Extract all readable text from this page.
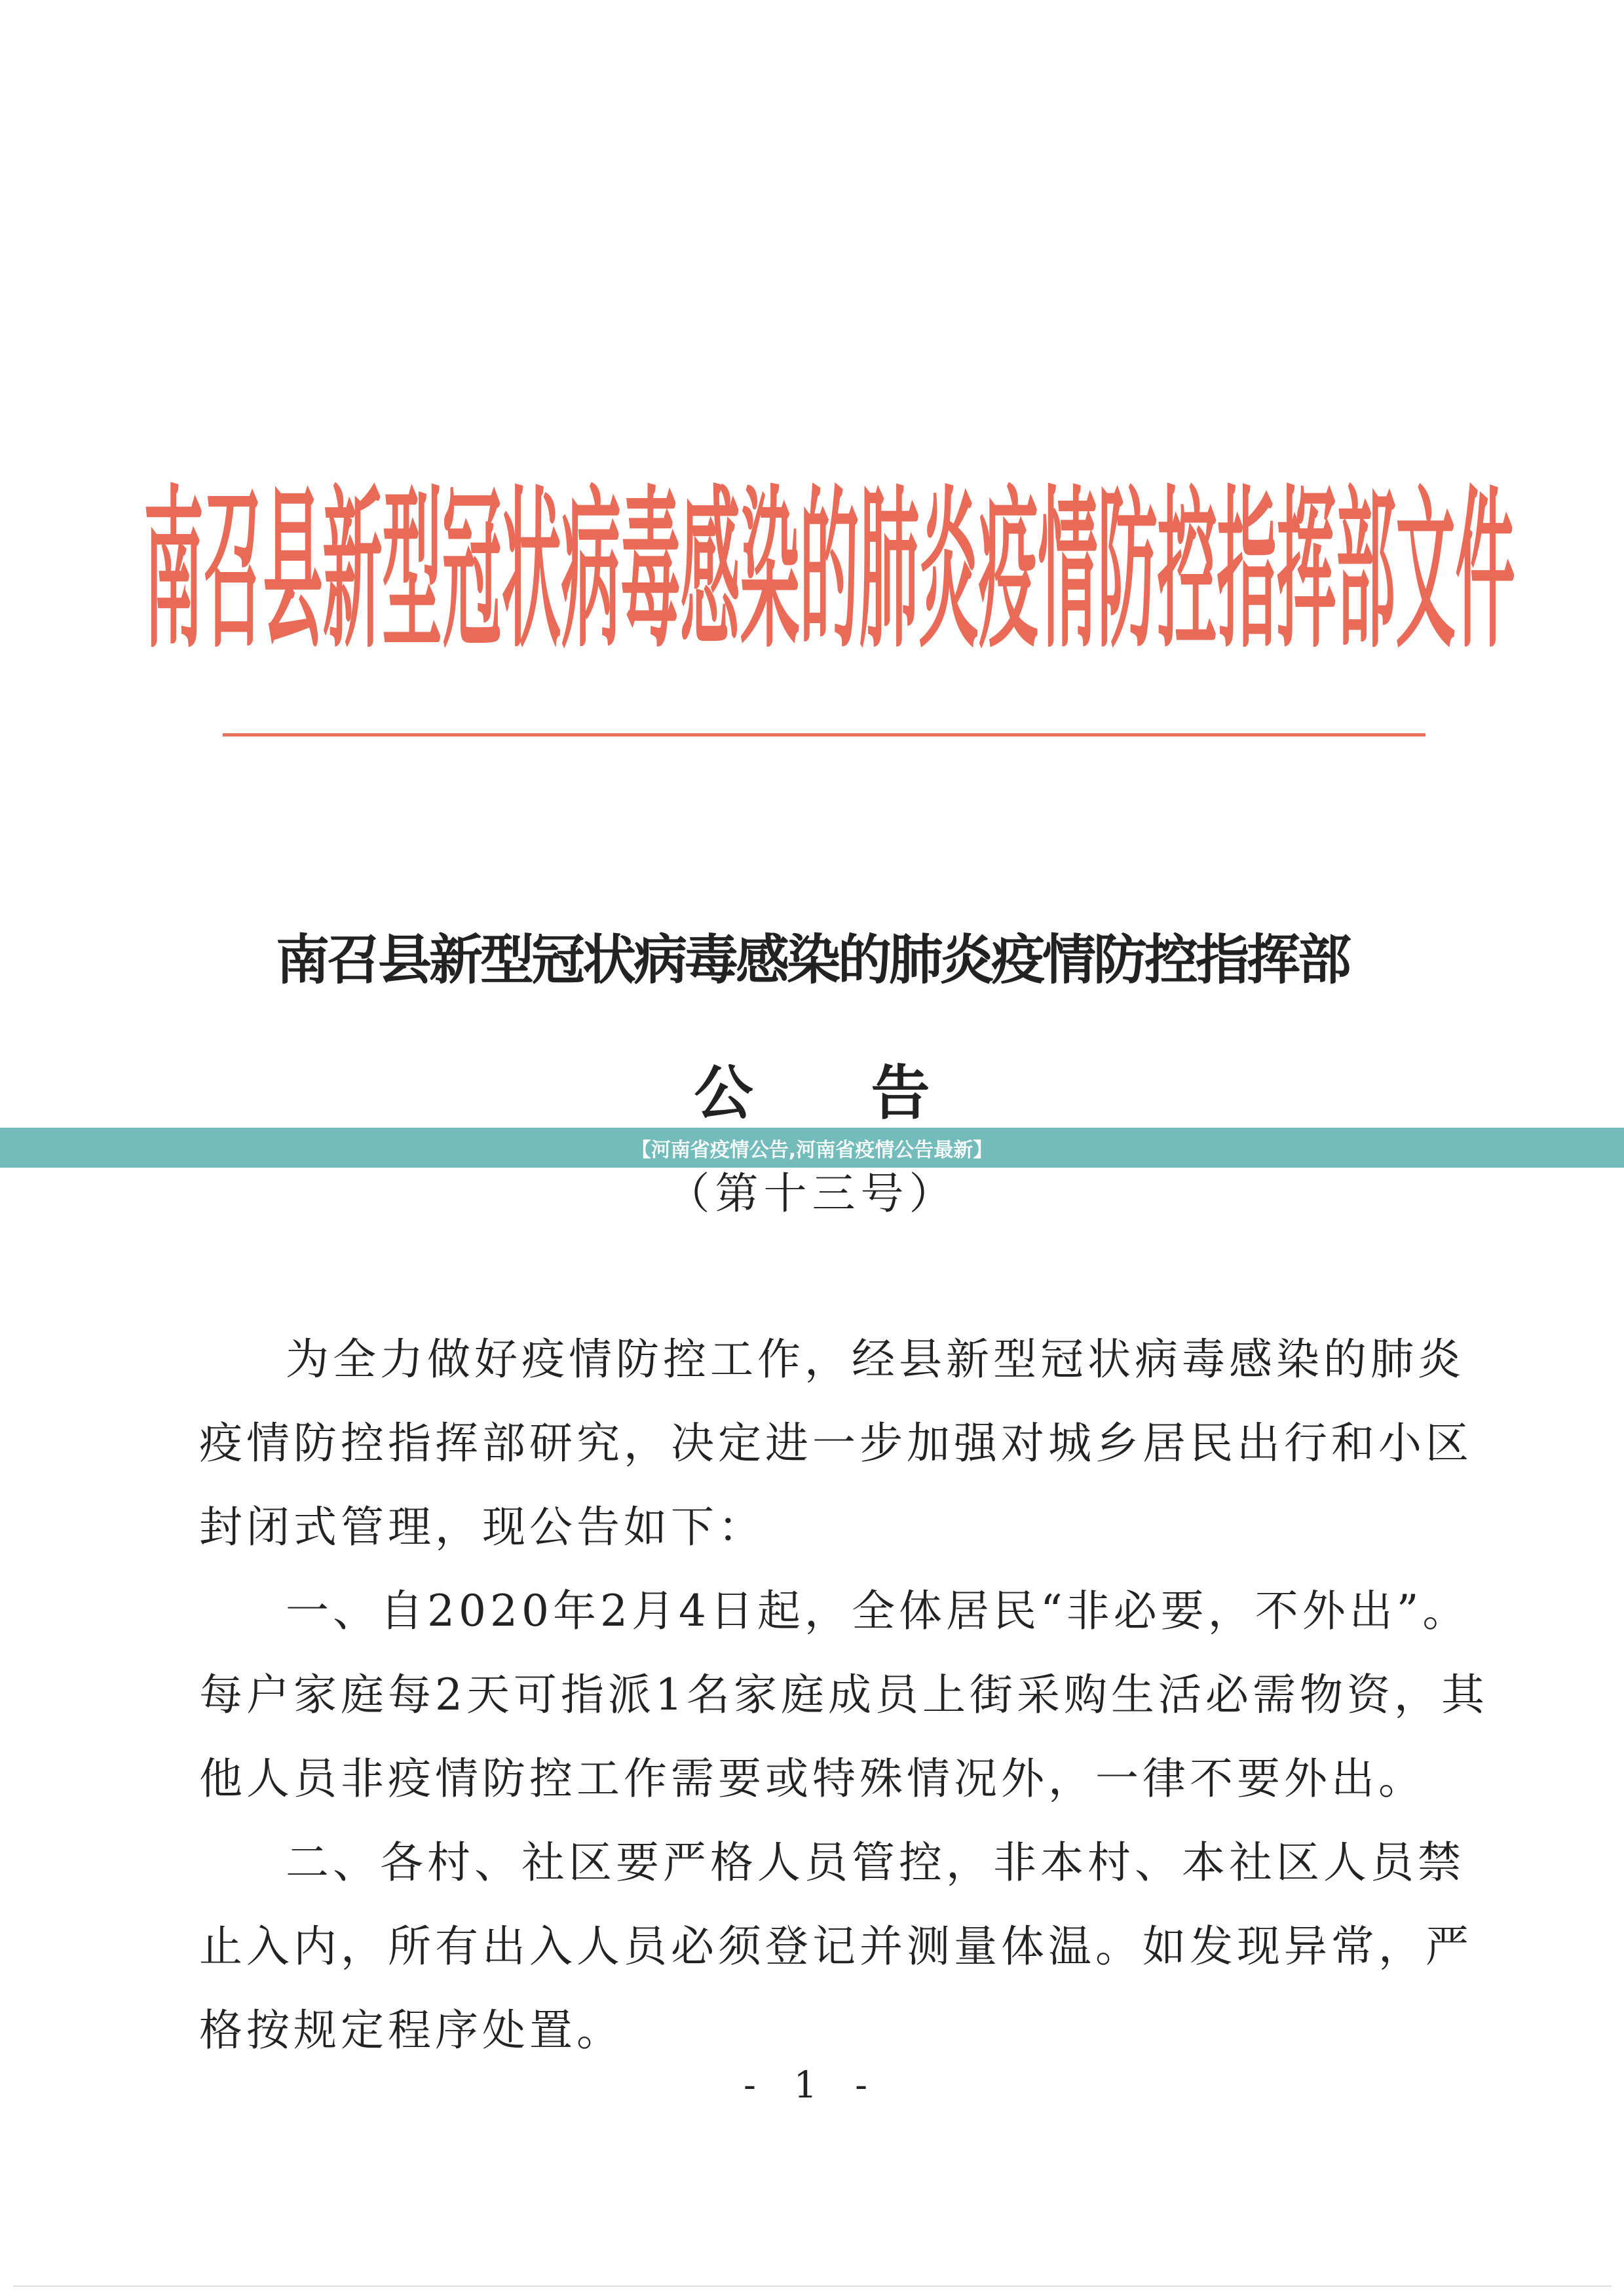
南召县新型冠状病毒感染的肺炎疫情防控指挥部文件
南召县新型冠状病毒感染的肺炎疫情防控指挥部
公告
（第十三号）
【河南省疫情公告,河南省疫情公告最新】
为全力做好疫情防控工作，经县新型冠状病毒感染的肺炎
疫情防控指挥部研究，决定进一步加强对城乡居民出行和小区
封闭式管理，现公告如下：
一、自2020年2月4日起，全体居民“非必要，不外出”。
每户家庭每2天可指派1名家庭成员上街采购生活必需物资，其
他人员非疫情防控工作需要或特殊情况外，一律不要外出。
二、各村、社区要严格人员管控，非本村、本社区人员禁
止入内，所有出入人员必须登记并测量体温。如发现异常，严
格按规定程序处置。
- 1 -
